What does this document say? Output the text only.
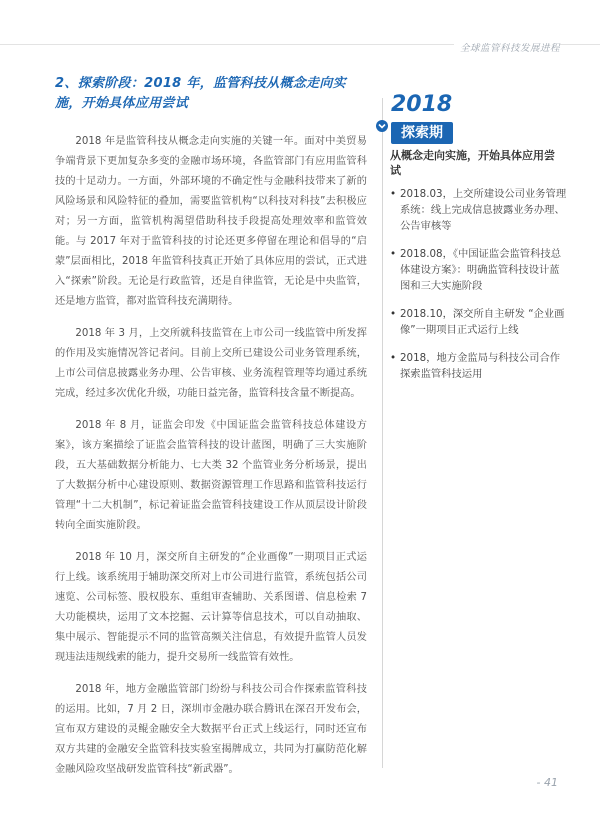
全球监管科技发展进程
2、探索阶段：2018 年，监管科技从概念走向实施，开始具体应用尝试

2018 年是监管科技从概念走向实施的关键一年。面对中美贸易争端背景下更加复杂多变的金融市场环境，各监管部门有应用监管科技的十足动力。一方面，外部环境的不确定性与金融科技带来了新的风险场景和风险特征的叠加，需要监管机构“以科技对科技”去积极应对；另一方面，监管机构渴望借助科技手段提高处理效率和监管效能。与 2017 年对于监管科技的讨论还更多停留在理论和倡导的“启蒙”层面相比，2018 年监管科技真正开始了具体应用的尝试，正式进入“探索”阶段。无论是行政监管，还是自律监管，无论是中央监管，还是地方监管，都对监管科技充满期待。

2018 年 3 月，上交所就科技监管在上市公司一线监管中所发挥的作用及实施情况答记者问。目前上交所已建设公司业务管理系统，上市公司信息披露业务办理、公告审核、业务流程管理等均通过系统完成，经过多次优化升级，功能日益完备，监管科技含量不断提高。

2018 年 8 月，证监会印发《中国证监会监管科技总体建设方案》，该方案描绘了证监会监管科技的设计蓝图，明确了三大实施阶段，五大基础数据分析能力、七大类 32 个监管业务分析场景，提出了大数据分析中心建设原则、数据资源管理工作思路和监管科技运行管理“十二大机制”，标记着证监会监管科技建设工作从顶层设计阶段转向全面实施阶段。

2018 年 10 月，深交所自主研发的“企业画像”一期项目正式运行上线。该系统用于辅助深交所对上市公司进行监管，系统包括公司速览、公司标签、股权股东、重组审查辅助、关系图谱、信息检索 7 大功能模块，运用了文本挖掘、云计算等信息技术，可以自动抽取、集中展示、智能提示不同的监管高频关注信息，有效提升监管人员发现违法违规线索的能力，提升交易所一线监管有效性。

2018 年，地方金融监管部门纷纷与科技公司合作探索监管科技的运用。比如，7 月 2 日，深圳市金融办联合腾讯在深召开发布会，宣布双方建设的灵鲲金融安全大数据平台正式上线运行，同时还宣布双方共建的金融安全监管科技实验室揭牌成立，共同为打赢防范化解金融风险攻坚战研发监管科技“新武器”。

2018
探索期
从概念走向实施，开始具体应用尝试
• 2018.03，上交所建设公司业务管理系统：线上完成信息披露业务办理、公告审核等
• 2018.08，《中国证监会监管科技总体建设方案》：明确监管科技设计蓝图和三大实施阶段
• 2018.10，深交所自主研发 “企业画像”一期项目正式运行上线
• 2018，地方金监局与科技公司合作探索监管科技运用
- 41
